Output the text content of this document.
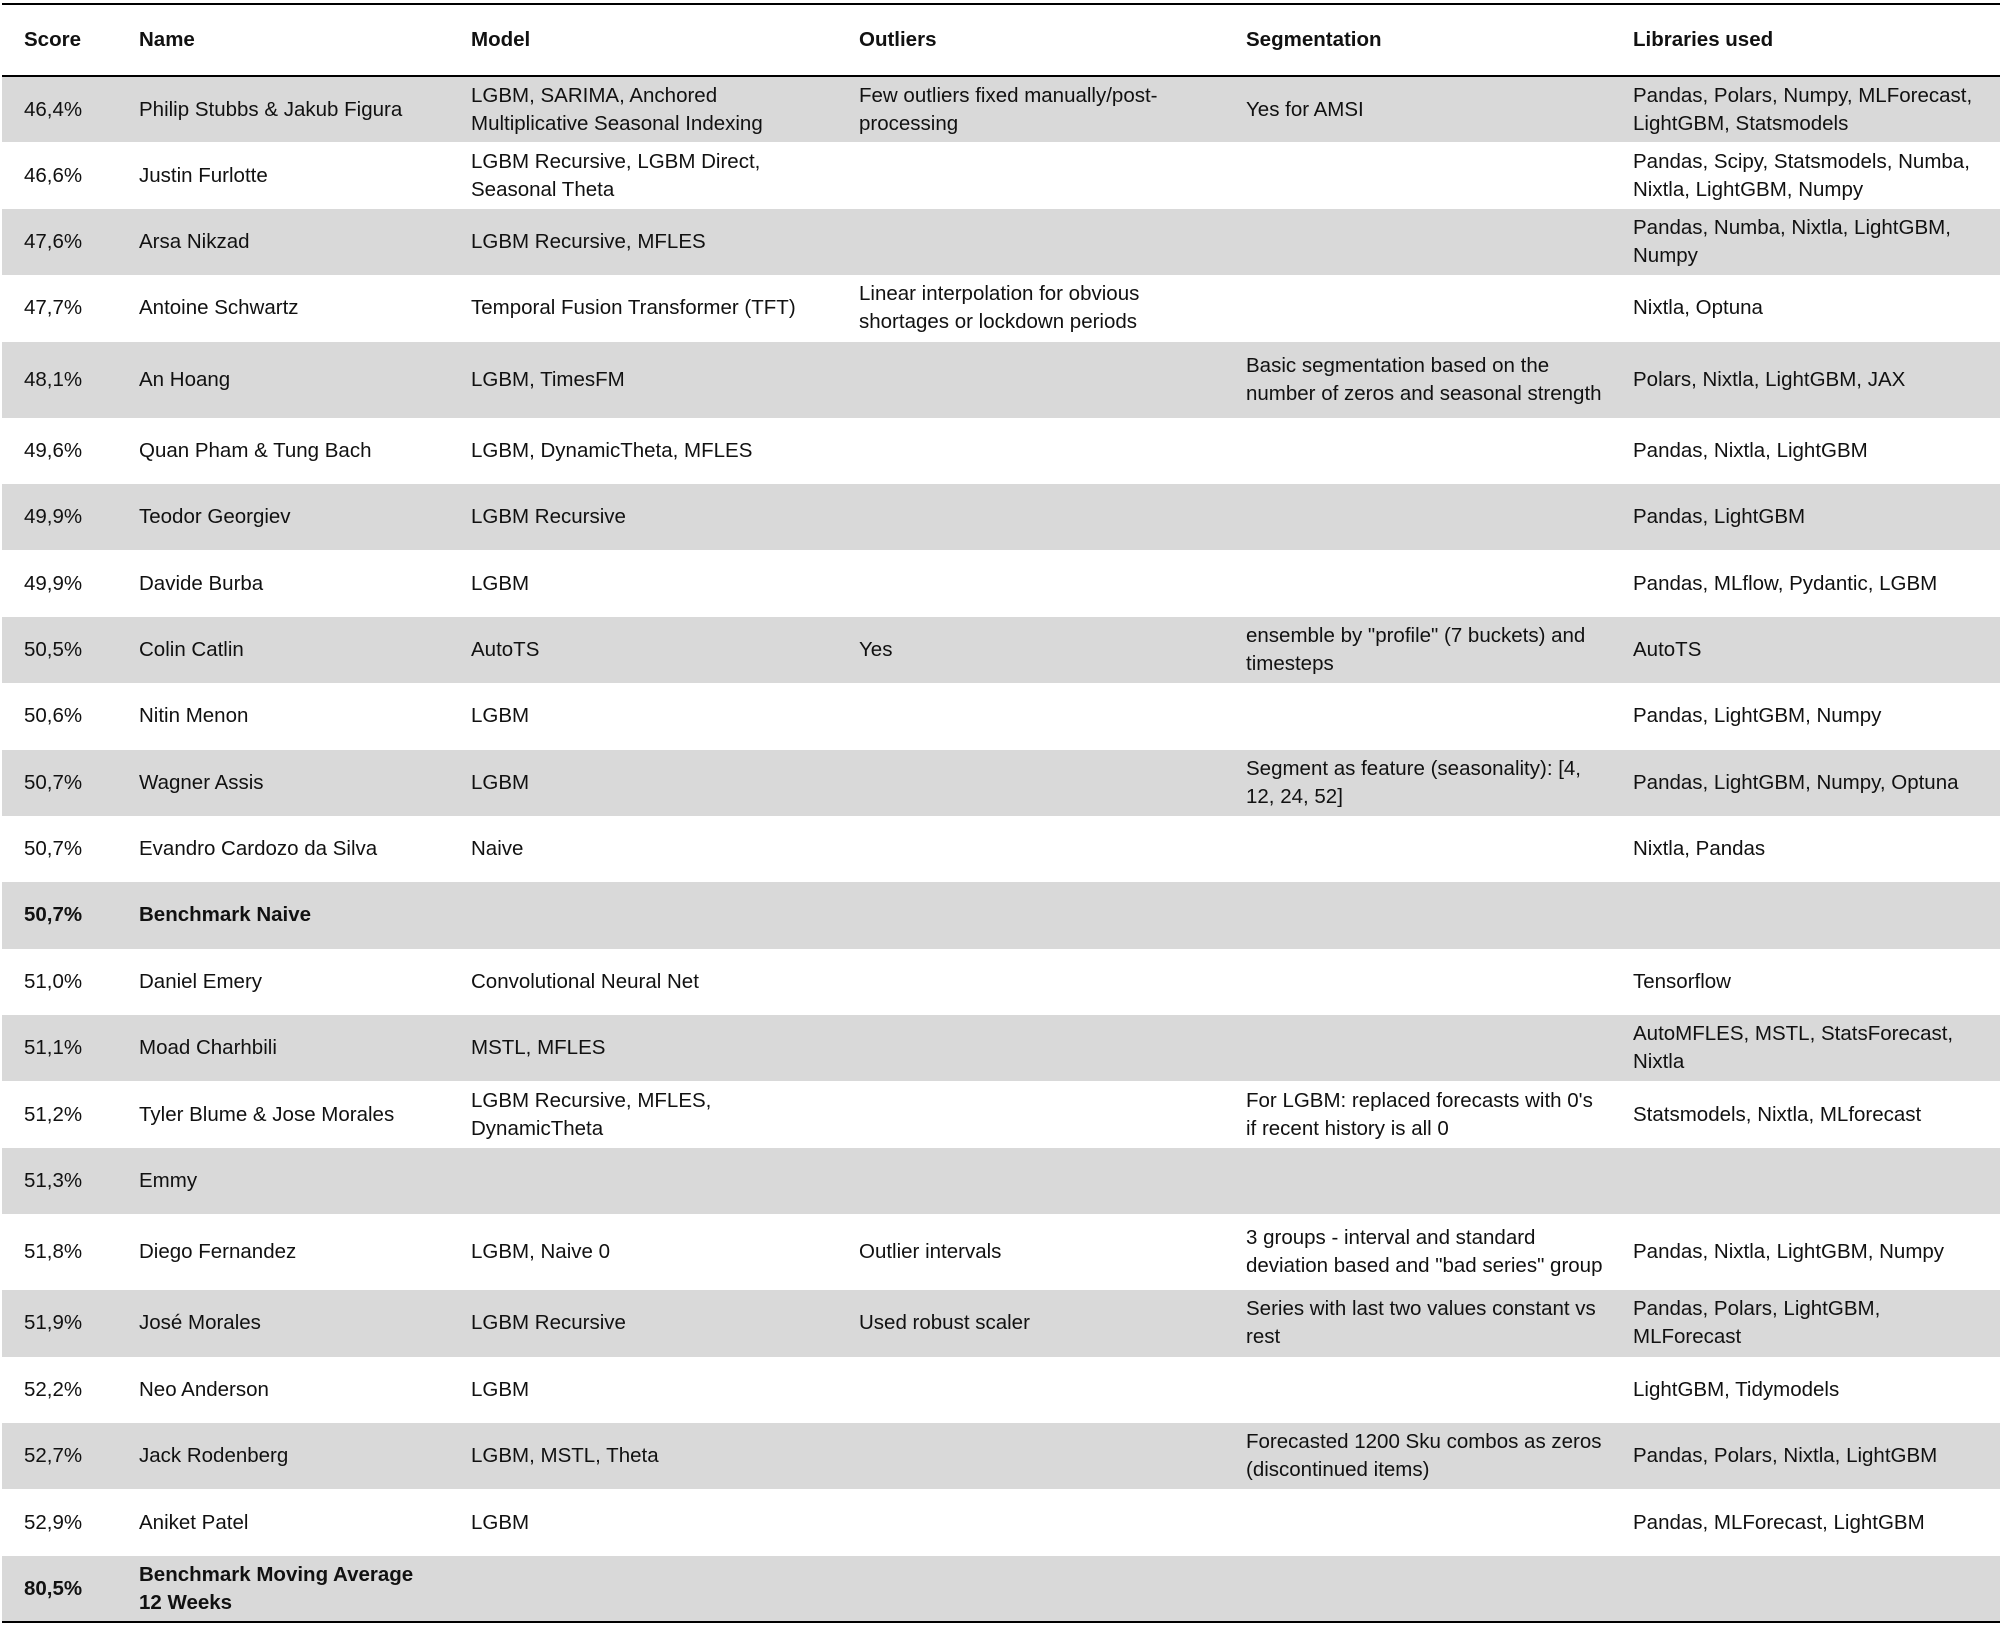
Score	Name	Model	Outliers	Segmentation	Libraries used
46,4%	Philip Stubbs & Jakub Figura	LGBM, SARIMA, Anchored Multiplicative Seasonal Indexing	Few outliers fixed manually/post-processing	Yes for AMSI	Pandas, Polars, Numpy, MLForecast, LightGBM, Statsmodels
46,6%	Justin Furlotte	LGBM Recursive, LGBM Direct, Seasonal Theta			Pandas, Scipy, Statsmodels, Numba, Nixtla, LightGBM, Numpy
47,6%	Arsa Nikzad	LGBM Recursive, MFLES			Pandas, Numba, Nixtla, LightGBM, Numpy
47,7%	Antoine Schwartz	Temporal Fusion Transformer (TFT)	Linear interpolation for obvious shortages or lockdown periods		Nixtla, Optuna
48,1%	An Hoang	LGBM, TimesFM		Basic segmentation based on the number of zeros and seasonal strength	Polars, Nixtla, LightGBM, JAX
49,6%	Quan Pham & Tung Bach	LGBM, DynamicTheta, MFLES			Pandas, Nixtla, LightGBM
49,9%	Teodor Georgiev	LGBM Recursive			Pandas, LightGBM
49,9%	Davide Burba	LGBM			Pandas, MLflow, Pydantic, LGBM
50,5%	Colin Catlin	AutoTS	Yes	ensemble by "profile" (7 buckets) and timesteps	AutoTS
50,6%	Nitin Menon	LGBM			Pandas, LightGBM, Numpy
50,7%	Wagner Assis	LGBM		Segment as feature (seasonality): [4, 12, 24, 52]	Pandas, LightGBM, Numpy, Optuna
50,7%	Evandro Cardozo da Silva	Naive			Nixtla, Pandas
50,7%	Benchmark Naive				
51,0%	Daniel Emery	Convolutional Neural Net			Tensorflow
51,1%	Moad Charhbili	MSTL, MFLES			AutoMFLES, MSTL, StatsForecast, Nixtla
51,2%	Tyler Blume & Jose Morales	LGBM Recursive, MFLES, DynamicTheta		For LGBM: replaced forecasts with 0's if recent history is all 0	Statsmodels, Nixtla, MLforecast
51,3%	Emmy				
51,8%	Diego Fernandez	LGBM, Naive 0	Outlier intervals	3 groups - interval and standard deviation based and "bad series" group	Pandas, Nixtla, LightGBM, Numpy
51,9%	José Morales	LGBM Recursive	Used robust scaler	Series with last two values constant vs rest	Pandas, Polars, LightGBM, MLForecast
52,2%	Neo Anderson	LGBM			LightGBM, Tidymodels
52,7%	Jack Rodenberg	LGBM, MSTL, Theta		Forecasted 1200 Sku combos as zeros (discontinued items)	Pandas, Polars, Nixtla, LightGBM
52,9%	Aniket Patel	LGBM			Pandas, MLForecast, LightGBM
80,5%	Benchmark Moving Average 12 Weeks				
